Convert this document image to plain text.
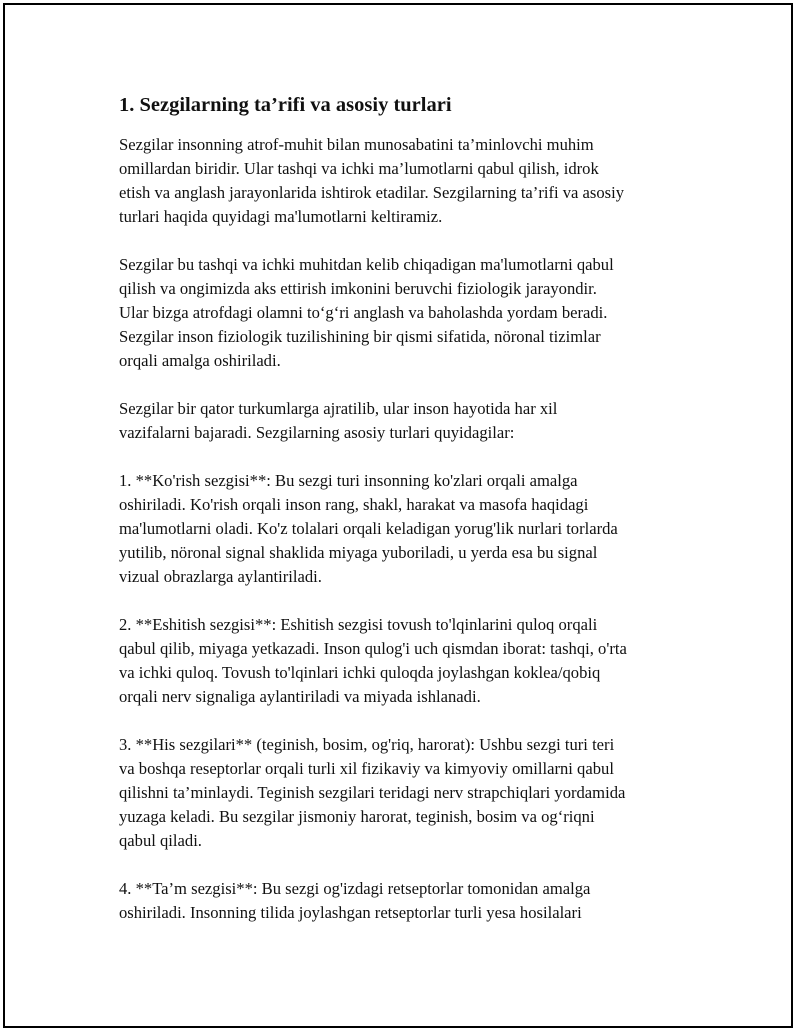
1. Sezgilarning ta’rifi va asosiy turlari

Sezgilar insonning atrof-muhit bilan munosabatini ta’minlovchi muhim
omillardan biridir. Ular tashqi va ichki ma’lumotlarni qabul qilish, idrok
etish va anglash jarayonlarida ishtirok etadilar. Sezgilarning ta’rifi va asosiy
turlari haqida quyidagi ma'lumotlarni keltiramiz.

Sezgilar bu tashqi va ichki muhitdan kelib chiqadigan ma'lumotlarni qabul
qilish va ongimizda aks ettirish imkonini beruvchi fiziologik jarayondir.
Ular bizga atrofdagi olamni to‘g‘ri anglash va baholashda yordam beradi.
Sezgilar inson fiziologik tuzilishining bir qismi sifatida, nöronal tizimlar
orqali amalga oshiriladi.

Sezgilar bir qator turkumlarga ajratilib, ular inson hayotida har xil
vazifalarni bajaradi. Sezgilarning asosiy turlari quyidagilar:

1. **Ko'rish sezgisi**: Bu sezgi turi insonning ko'zlari orqali amalga
oshiriladi. Ko'rish orqali inson rang, shakl, harakat va masofa haqidagi
ma'lumotlarni oladi. Ko'z tolalari orqali keladigan yorug'lik nurlari torlarda
yutilib, nöronal signal shaklida miyaga yuboriladi, u yerda esa bu signal
vizual obrazlarga aylantiriladi.

2. **Eshitish sezgisi**: Eshitish sezgisi tovush to'lqinlarini quloq orqali
qabul qilib, miyaga yetkazadi. Inson qulog'i uch qismdan iborat: tashqi, o'rta
va ichki quloq. Tovush to'lqinlari ichki quloqda joylashgan koklea/qobiq
orqali nerv signaliga aylantiriladi va miyada ishlanadi.

3. **His sezgilari** (teginish, bosim, og'riq, harorat): Ushbu sezgi turi teri
va boshqa reseptorlar orqali turli xil fizikaviy va kimyoviy omillarni qabul
qilishni ta’minlaydi. Teginish sezgilari teridagi nerv strapchiqlari yordamida
yuzaga keladi. Bu sezgilar jismoniy harorat, teginish, bosim va og‘riqni
qabul qiladi.

4. **Ta’m sezgisi**: Bu sezgi og'izdagi retseptorlar tomonidan amalga
oshiriladi. Insonning tilida joylashgan retseptorlar turli yesa hosilalari
